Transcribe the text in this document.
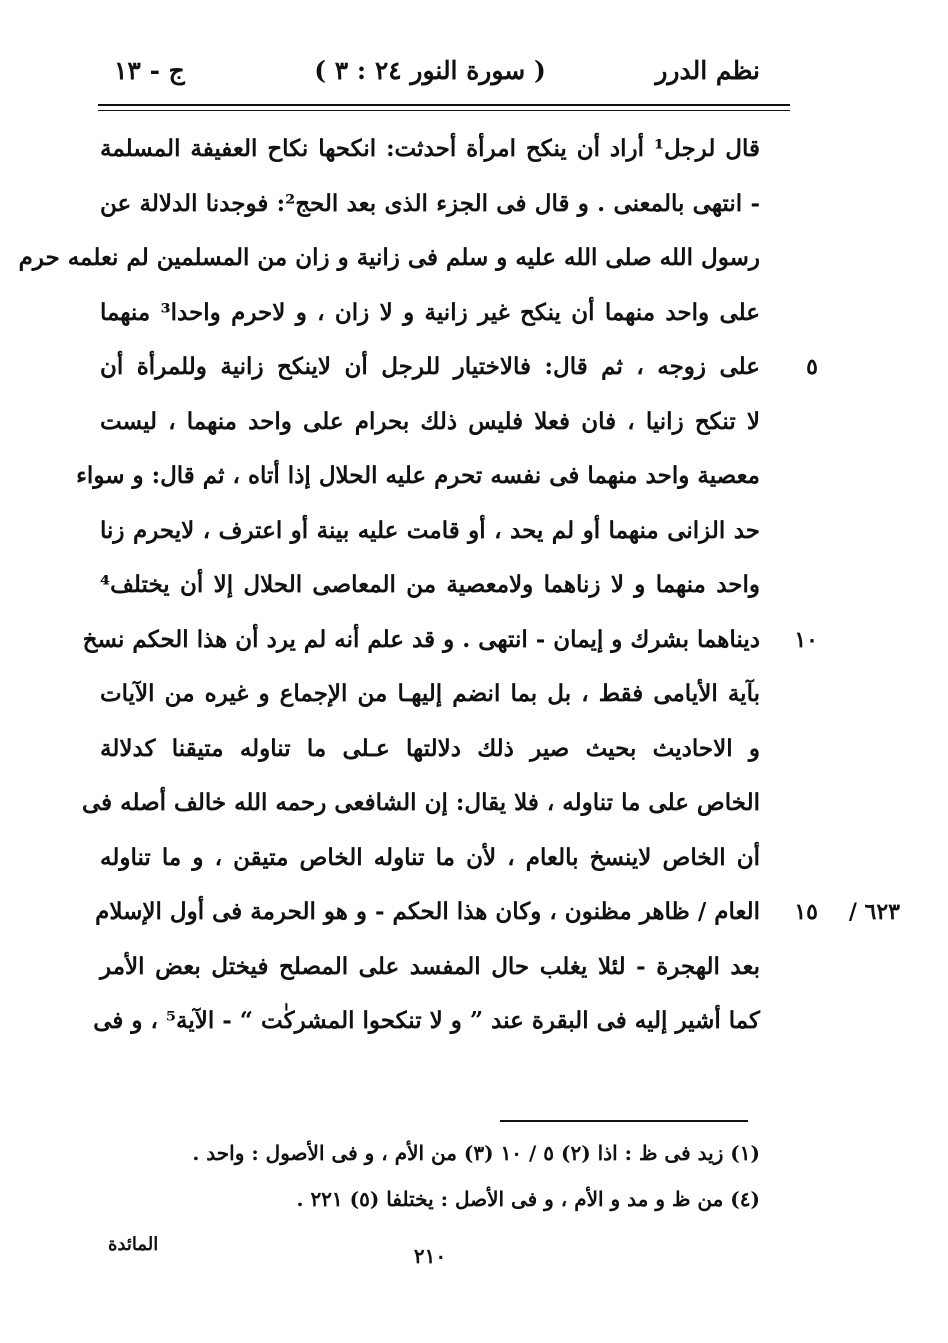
نظم الدرر
( سورة النور ٢٤ : ٣ )
ج - ١٣
قال لرجل¹ أراد أن ينكح امرأة أحدثت: انكحها نكاح العفيفة المسلمة
- انتهى بالمعنى . و قال فى الجزء الذى بعد الحج²: فوجدنا الدلالة عن
رسول الله صلى الله عليه و سلم فى زانية و زان من المسلمين لم نعلمه حرم
على واحد منهما أن ينكح غير زانية و لا زان ، و لاحرم واحدا³ منهما
على زوجه ، ثم قال: فالاختيار للرجل أن لاينكح زانية وللمرأة أن ٥
لا تنكح زانيا ، فان فعلا فليس ذلك بحرام على واحد منهما ، ليست
معصية واحد منهما فى نفسه تحرم عليه الحلال إذا أتاه ، ثم قال: و سواء
حد الزانى منهما أو لم يحد ، أو قامت عليه بينة أو اعترف ، لايحرم زنا
واحد منهما و لا زناهما ولامعصية من المعاصى الحلال إلا أن يختلف⁴
ديناهما بشرك و إيمان - انتهى . و قد علم أنه لم يرد أن هذا الحكم نسخ ١٠
بآية الأيامى فقط ، بل بما انضم إليهـا من الإجماع و غيره من الآيات
و الاحاديث بحيث صير ذلك دلالتها عـلى ما تناوله متيقنا كدلالة
الخاص على ما تناوله ، فلا يقال: إن الشافعى رحمه الله خالف أصله فى
أن الخاص لاينسخ بالعام ، لأن ما تناوله الخاص متيقن ، و ما تناوله
العام / ظاهر مظنون ، وكان هذا الحكم - و هو الحرمة فى أول الإسلام ١٥ ٦٢٣ /
بعد الهجرة - لئلا يغلب حال المفسد على المصلح فيختل بعض الأمر
كما أشير إليه فى البقرة عند ” و لا تنكحوا المشركٰت “ - الآية⁵ ، و فى
(١) زيد فى ظ : اذا (٢) ٥ / ١٠ (٣) من الأم ، و فى الأصول : واحد .
(٤) من ظ و مد و الأم ، و فى الأصل : يختلفا (٥) ٢٢١ .
٢١٠
المائدة
